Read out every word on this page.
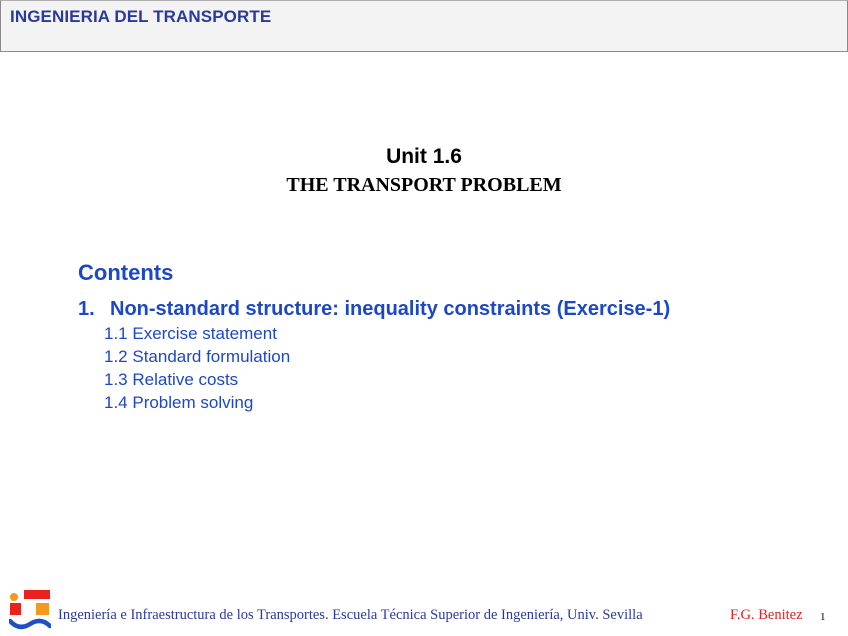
INGENIERIA DEL TRANSPORTE
Unit 1.6
THE TRANSPORT PROBLEM
Contents
1. Non-standard structure: inequality constraints (Exercise-1)
1.1 Exercise statement
1.2 Standard formulation
1.3 Relative costs
1.4 Problem solving
Ingeniería e Infraestructura de los Transportes. Escuela Técnica Superior de Ingeniería, Univ. Sevilla	F.G. Benitez 1
